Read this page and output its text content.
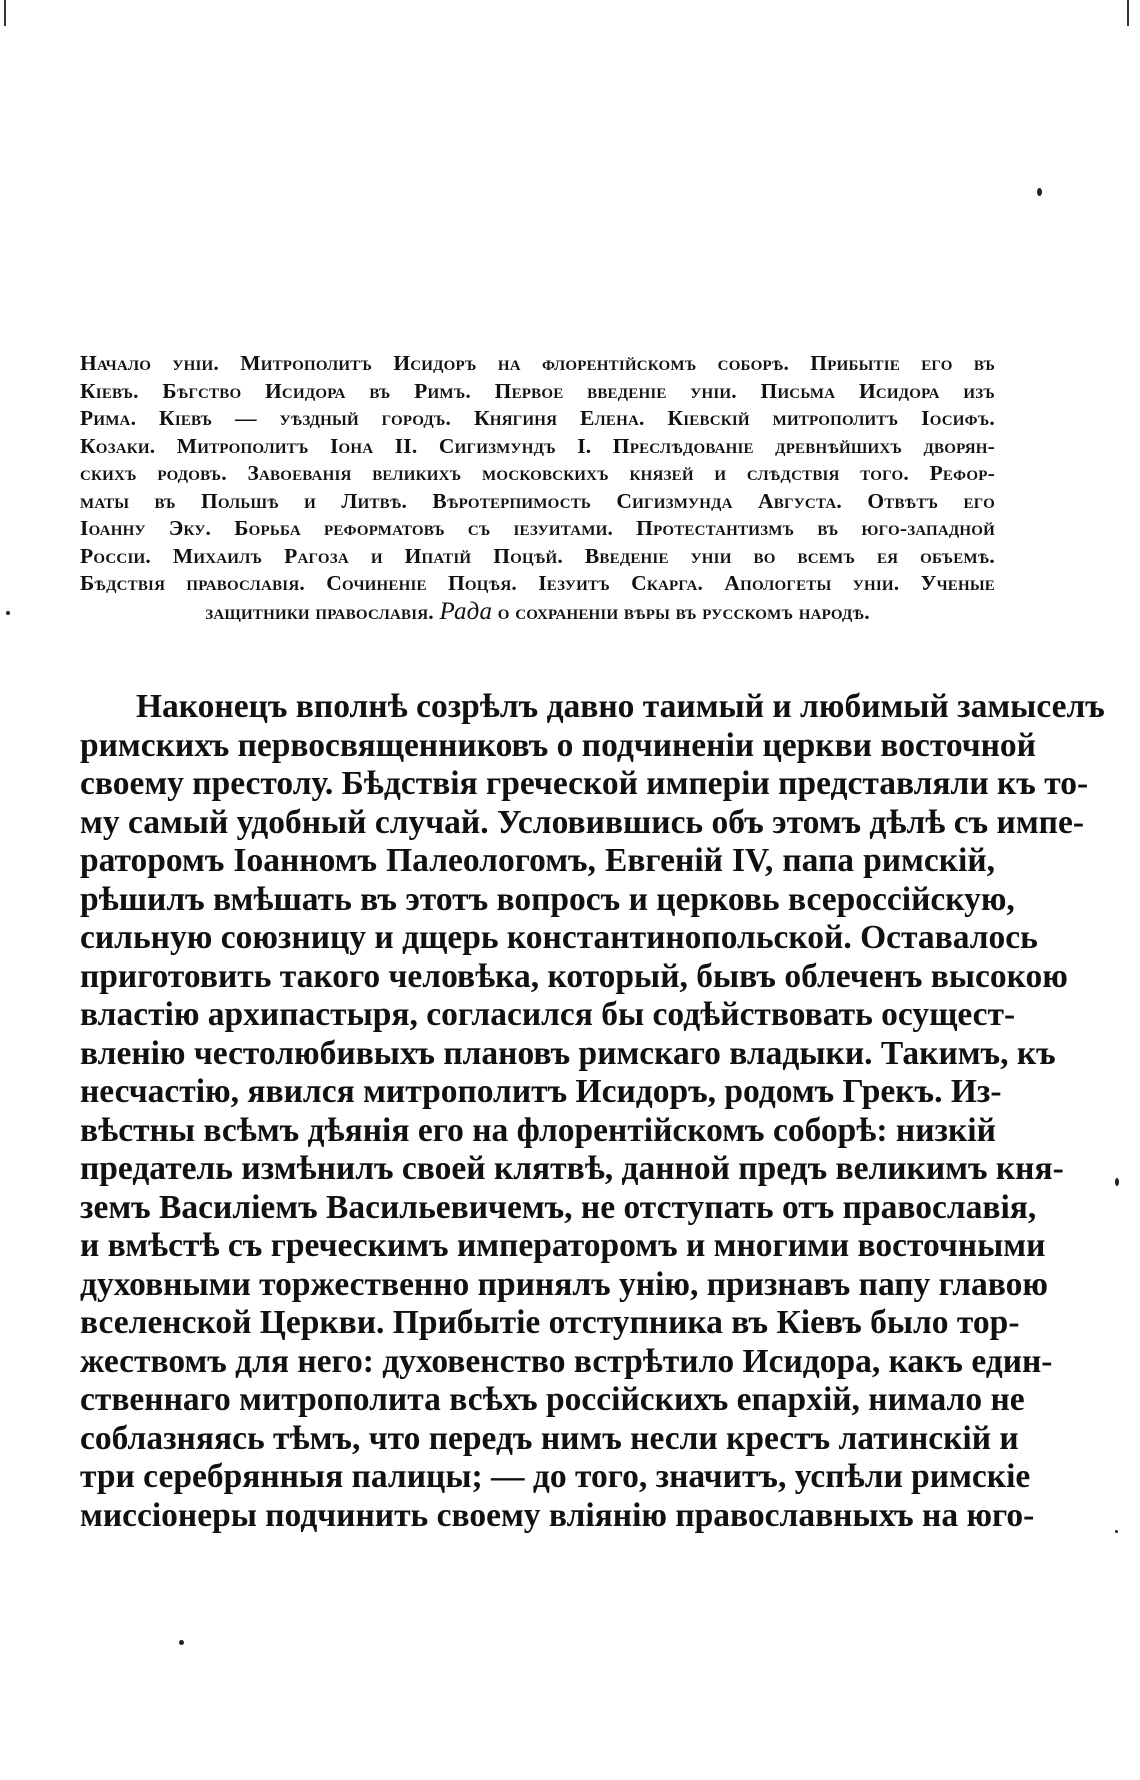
Начало уніи. Митрополитъ Исидоръ на флорентійскомъ соборѣ. Прибытіе его въ
Кіевъ. Бѣгство Исидора въ Римъ. Первое введеніе уніи. Письма Исидора изъ
Рима. Кіевъ — уѣздный городъ. Княгиня Елена. Кіевскій митрополитъ Іосифъ.
Козаки. Митрополитъ Іона II. Сигизмундъ I. Преслѣдованіе древнѣйшихъ дворян-
скихъ родовъ. Завоеванія великихъ московскихъ князей и слѣдствія того. Рефор-
маты въ Польшѣ и Литвѣ. Вѣротерпимость Сигизмунда Августа. Отвѣтъ его
Іоанну Эку. Борьба реформатовъ съ іезуитами. Протестантизмъ въ юго-западной
Россіи. Михаилъ Рагоза и Ипатій Поцѣй. Введеніе уніи во всемъ ея объемѣ.
Бѣдствія православія. Сочиненіе Поцѣя. Іезуитъ Скарга. Апологеты уніи. Ученые
защитники православія. Рада о сохраненіи вѣры въ русскомъ народѣ.
Наконецъ вполнѣ созрѣлъ давно таимый и любимый замыселъ
римскихъ первосвященниковъ о подчиненіи церкви восточной
своему престолу. Бѣдствія греческой имперіи представляли къ то-
му самый удобный случай. Условившись объ этомъ дѣлѣ съ импе-
раторомъ Іоанномъ Палеологомъ, Евгеній IV, папа римскій,
рѣшилъ вмѣшать въ этотъ вопросъ и церковь всероссійскую,
сильную союзницу и дщерь константинопольской. Оставалось
приготовить такого человѣка, который, бывъ облеченъ высокою
властію архипастыря, согласился бы содѣйствовать осущест-
вленію честолюбивыхъ плановъ римскаго владыки. Такимъ, къ
несчастію, явился митрополитъ Исидоръ, родомъ Грекъ. Из-
вѣстны всѣмъ дѣянія его на флорентійскомъ соборѣ: низкій
предатель измѣнилъ своей клятвѣ, данной предъ великимъ кня-
земъ Василіемъ Васильевичемъ, не отступать отъ православія,
и вмѣстѣ съ греческимъ императоромъ и многими восточными
духовными торжественно принялъ унію, признавъ папу главою
вселенской Церкви. Прибытіе отступника въ Кіевъ было тор-
жествомъ для него: духовенство встрѣтило Исидора, какъ един-
ственнаго митрополита всѣхъ россійскихъ епархій, нимало не
соблазняясь тѣмъ, что передъ нимъ несли крестъ латинскій и
три серебрянныя палицы; — до того, значитъ, успѣли римскіе
миссіонеры подчинить своему вліянію православныхъ на юго-
